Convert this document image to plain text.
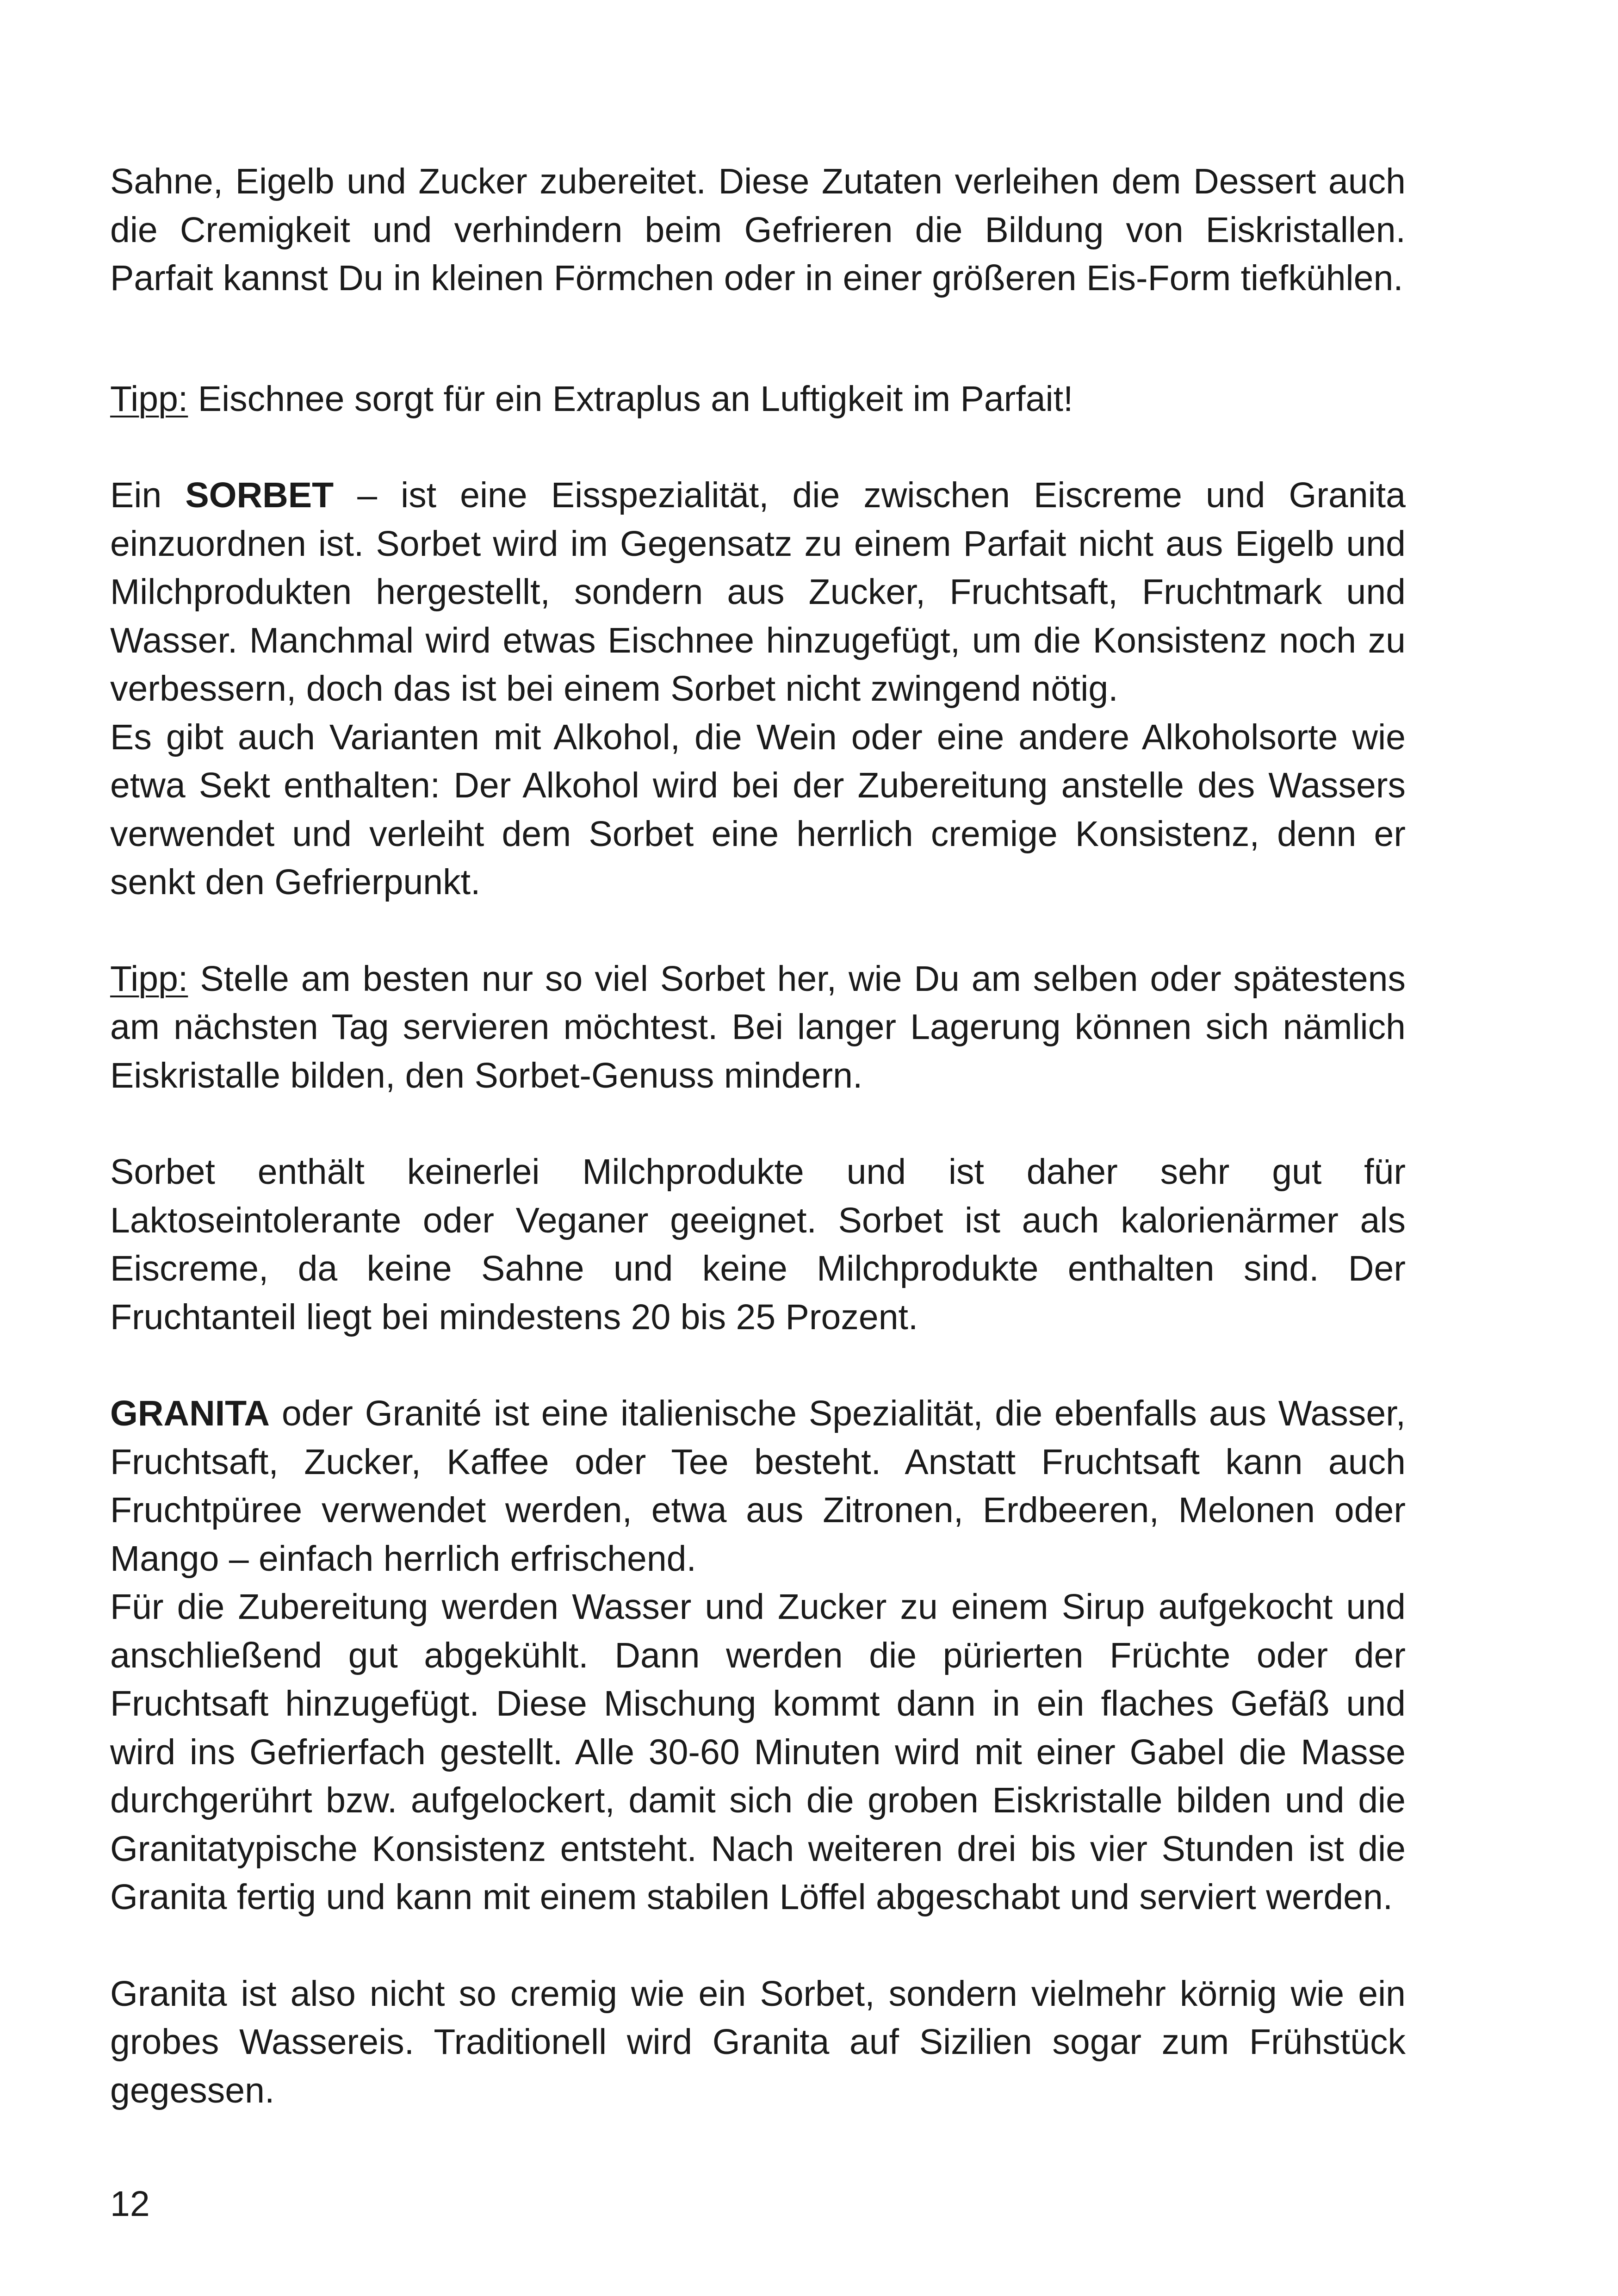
Sahne, Eigelb und Zucker zubereitet. Diese Zutaten verleihen dem Dessert auch die Cremigkeit und verhindern beim Gefrieren die Bildung von Eiskristallen. Parfait kannst Du in kleinen Förmchen oder in einer größeren Eis-Form tiefkühlen.

Tipp: Eischnee sorgt für ein Extraplus an Luftigkeit im Parfait!

Ein SORBET – ist eine Eisspezialität, die zwischen Eiscreme und Granita einzuordnen ist. Sorbet wird im Gegensatz zu einem Parfait nicht aus Eigelb und Milchprodukten hergestellt, sondern aus Zucker, Fruchtsaft, Fruchtmark und Wasser. Manchmal wird etwas Eischnee hinzugefügt, um die Konsistenz noch zu verbessern, doch das ist bei einem Sorbet nicht zwingend nötig.

Es gibt auch Varianten mit Alkohol, die Wein oder eine andere Alkoholsorte wie etwa Sekt enthalten: Der Alkohol wird bei der Zubereitung anstelle des Wassers verwendet und verleiht dem Sorbet eine herrlich cremige Konsistenz, denn er senkt den Gefrierpunkt.

Tipp: Stelle am besten nur so viel Sorbet her, wie Du am selben oder spätestens am nächsten Tag servieren möchtest. Bei langer Lagerung können sich nämlich Eiskristalle bilden, den Sorbet-Genuss mindern.

Sorbet enthält keinerlei Milchprodukte und ist daher sehr gut für Laktoseintolerante oder Veganer geeignet. Sorbet ist auch kalorienärmer als Eiscreme, da keine Sahne und keine Milchprodukte enthalten sind. Der Fruchtanteil liegt bei mindestens 20 bis 25 Prozent.

GRANITA oder Granité ist eine italienische Spezialität, die ebenfalls aus Wasser, Fruchtsaft, Zucker, Kaffee oder Tee besteht. Anstatt Fruchtsaft kann auch Fruchtpüree verwendet werden, etwa aus Zitronen, Erdbeeren, Melonen oder Mango – einfach herrlich erfrischend.

Für die Zubereitung werden Wasser und Zucker zu einem Sirup aufgekocht und anschließend gut abgekühlt. Dann werden die pürierten Früchte oder der Fruchtsaft hinzugefügt. Diese Mischung kommt dann in ein flaches Gefäß und wird ins Gefrierfach gestellt. Alle 30-60 Minuten wird mit einer Gabel die Masse durchgerührt bzw. aufgelockert, damit sich die groben Eiskristalle bilden und die Granitatypische Konsistenz entsteht. Nach weiteren drei bis vier Stunden ist die Granita fertig und kann mit einem stabilen Löffel abgeschabt und serviert werden.

Granita ist also nicht so cremig wie ein Sorbet, sondern vielmehr körnig wie ein grobes Wassereis. Traditionell wird Granita auf Sizilien sogar zum Frühstück gegessen.

12
